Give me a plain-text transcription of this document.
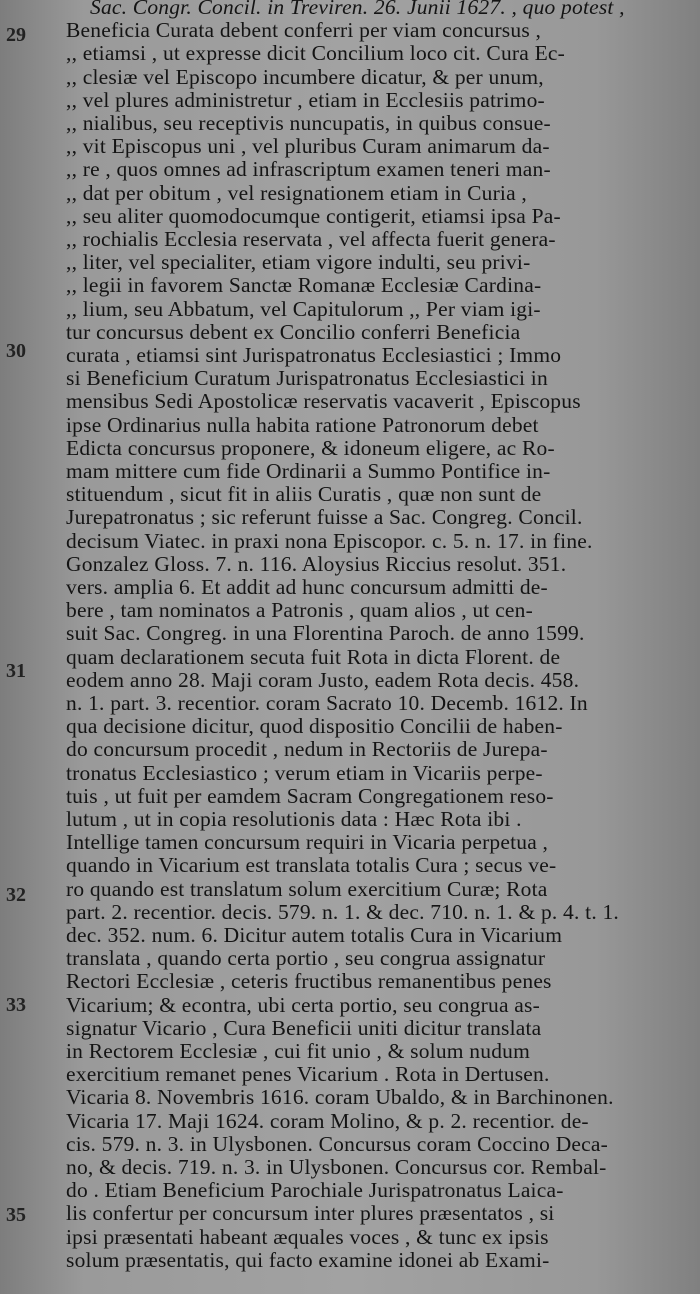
29
30
31
32
33
35
Sac. Congr. Concil. in Treviren. 26. Junii 1627. , quo potest ,
Beneficia Curata debent conferri per viam concursus ,
,, etiamsi , ut expresse dicit Concilium loco cit. Cura Ec-
,, clesiæ vel Episcopo incumbere dicatur, & per unum,
,, vel plures administretur , etiam in Ecclesiis patrimo-
,, nialibus, seu receptivis nuncupatis, in quibus consue-
,, vit Episcopus uni , vel pluribus Curam animarum da-
,, re , quos omnes ad infrascriptum examen teneri man-
,, dat per obitum , vel resignationem etiam in Curia ,
,, seu aliter quomodocumque contigerit, etiamsi ipsa Pa-
,, rochialis Ecclesia reservata , vel affecta fuerit genera-
,, liter, vel specialiter, etiam vigore indulti, seu privi-
,, legii in favorem Sanctæ Romanæ Ecclesiæ Cardina-
,, lium, seu Abbatum, vel Capitulorum ,, Per viam igi-
tur concursus debent ex Concilio conferri Beneficia
curata , etiamsi sint Jurispatronatus Ecclesiastici ; Immo
si Beneficium Curatum Jurispatronatus Ecclesiastici in
mensibus Sedi Apostolicæ reservatis vacaverit , Episcopus
ipse Ordinarius nulla habita ratione Patronorum debet
Edicta concursus proponere, & idoneum eligere, ac Ro-
mam mittere cum fide Ordinarii a Summo Pontifice in-
stituendum , sicut fit in aliis Curatis , quæ non sunt de
Jurepatronatus ; sic referunt fuisse a Sac. Congreg. Concil.
decisum Viatec. in praxi nona Episcopor. c. 5. n. 17. in fine.
Gonzalez Gloss. 7. n. 116. Aloysius Riccius resolut. 351.
vers. amplia 6. Et addit ad hunc concursum admitti de-
bere , tam nominatos a Patronis , quam alios , ut cen-
suit Sac. Congreg. in una Florentina Paroch. de anno 1599.
quam declarationem secuta fuit Rota in dicta Florent. de
eodem anno 28. Maji coram Justo, eadem Rota decis. 458.
n. 1. part. 3. recentior. coram Sacrato 10. Decemb. 1612. In
qua decisione dicitur, quod dispositio Concilii de haben-
do concursum procedit , nedum in Rectoriis de Jurepa-
tronatus Ecclesiastico ; verum etiam in Vicariis perpe-
tuis , ut fuit per eamdem Sacram Congregationem reso-
lutum , ut in copia resolutionis data : Hæc Rota ibi .
Intellige tamen concursum requiri in Vicaria perpetua ,
quando in Vicarium est translata totalis Cura ; secus ve-
ro quando est translatum solum exercitium Curæ; Rota
part. 2. recentior. decis. 579. n. 1. & dec. 710. n. 1. & p. 4. t. 1.
dec. 352. num. 6. Dicitur autem totalis Cura in Vicarium
translata , quando certa portio , seu congrua assignatur
Rectori Ecclesiæ , ceteris fructibus remanentibus penes
Vicarium; & econtra, ubi certa portio, seu congrua as-
signatur Vicario , Cura Beneficii uniti dicitur translata
in Rectorem Ecclesiæ , cui fit unio , & solum nudum
exercitium remanet penes Vicarium . Rota in Dertusen.
Vicaria 8. Novembris 1616. coram Ubaldo, & in Barchinonen.
Vicaria 17. Maji 1624. coram Molino, & p. 2. recentior. de-
cis. 579. n. 3. in Ulysbonen. Concursus coram Coccino Deca-
no, & decis. 719. n. 3. in Ulysbonen. Concursus cor. Rembal-
do . Etiam Beneficium Parochiale Jurispatronatus Laica-
lis confertur per concursum inter plures præsentatos , si
ipsi præsentati habeant æquales voces , & tunc ex ipsis
solum præsentatis, qui facto examine idonei ab Exami-
